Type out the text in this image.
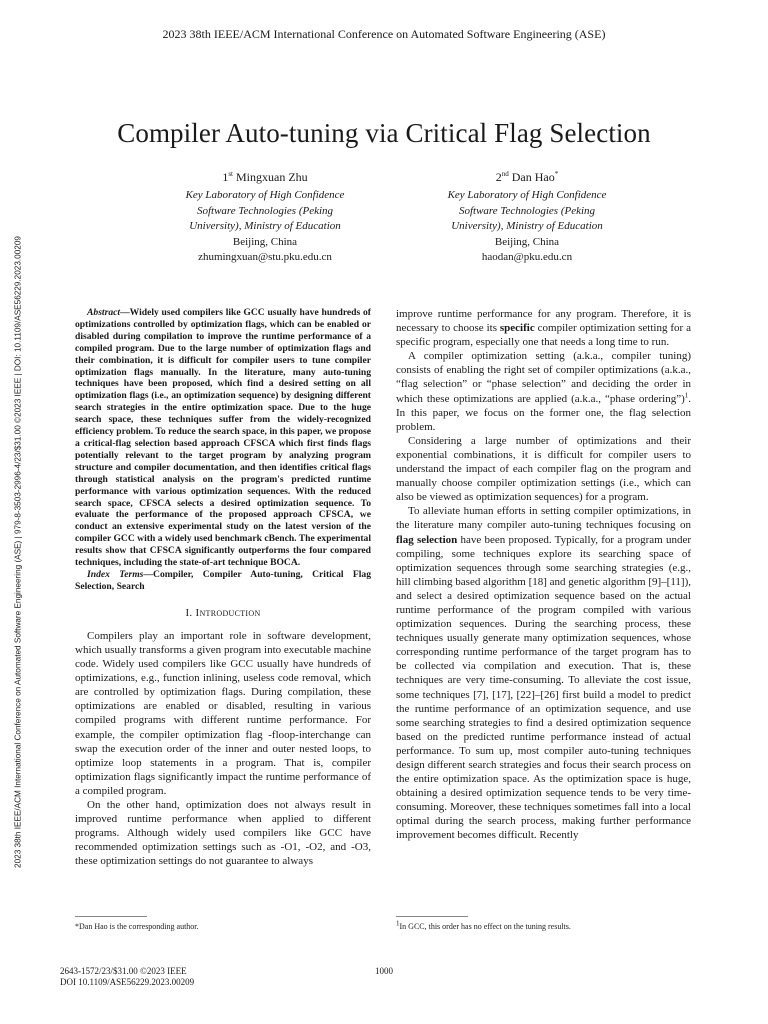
2023 38th IEEE/ACM International Conference on Automated Software Engineering (ASE)
2023 38th IEEE/ACM International Conference on Automated Software Engineering (ASE) | 979-8-3503-2996-4/23/$31.00 ©2023 IEEE | DOI: 10.1109/ASE56229.2023.00209
Compiler Auto-tuning via Critical Flag Selection
1st Mingxuan Zhu
Key Laboratory of High Confidence
Software Technologies (Peking
University), Ministry of Education
Beijing, China
zhumingxuan@stu.pku.edu.cn
2nd Dan Hao*
Key Laboratory of High Confidence
Software Technologies (Peking
University), Ministry of Education
Beijing, China
haodan@pku.edu.cn

Abstract—Widely used compilers like GCC usually have hundreds of optimizations controlled by optimization flags, which can be enabled or disabled during compilation to improve the runtime performance of a compiled program. Due to the large number of optimization flags and their combination, it is difficult for compiler users to tune compiler optimization flags manually. In the literature, many auto-tuning techniques have been proposed, which find a desired setting on all optimization flags (i.e., an optimization sequence) by designing different search strategies in the entire optimization space. Due to the huge search space, these techniques suffer from the widely-recognized efficiency problem. To reduce the search space, in this paper, we propose a critical-flag selection based approach CFSCA which first finds flags potentially relevant to the target program by analyzing program structure and compiler documentation, and then identifies critical flags through statistical analysis on the program's predicted runtime performance with various optimization sequences. With the reduced search space, CFSCA selects a desired optimization sequence. To evaluate the performance of the proposed approach CFSCA, we conduct an extensive experimental study on the latest version of the compiler GCC with a widely used benchmark cBench. The experimental results show that CFSCA significantly outperforms the four compared techniques, including the state-of-art technique BOCA.

Index Terms—Compiler, Compiler Auto-tuning, Critical Flag Selection, Search

I. Introduction

Compilers play an important role in software development, which usually transforms a given program into executable machine code. Widely used compilers like GCC usually have hundreds of optimizations, e.g., function inlining, useless code removal, which are controlled by optimization flags. During compilation, these optimizations are enabled or disabled, resulting in various compiled programs with different runtime performance. For example, the compiler optimization flag -floop-interchange can swap the execution order of the inner and outer nested loops, to optimize loop statements in a program. That is, compiler optimization flags significantly impact the runtime performance of a compiled program.

On the other hand, optimization does not always result in improved runtime performance when applied to different programs. Although widely used compilers like GCC have recommended optimization settings such as -O1, -O2, and -O3, these optimization settings do not guarantee to always

improve runtime performance for any program. Therefore, it is necessary to choose its specific compiler optimization setting for a specific program, especially one that needs a long time to run.

A compiler optimization setting (a.k.a., compiler tuning) consists of enabling the right set of compiler optimizations (a.k.a., “flag selection” or “phase selection” and deciding the order in which these optimizations are applied (a.k.a., “phase ordering”)$^1$. In this paper, we focus on the former one, the flag selection problem.

Considering a large number of optimizations and their exponential combinations, it is difficult for compiler users to understand the impact of each compiler flag on the program and manually choose compiler optimization settings (i.e., which can also be viewed as optimization sequences) for a program.

To alleviate human efforts in setting compiler optimizations, in the literature many compiler auto-tuning techniques focusing on flag selection have been proposed. Typically, for a program under compiling, some techniques explore its searching space of optimization sequences through some searching strategies (e.g., hill climbing based algorithm [18] and genetic algorithm [9]–[11]), and select a desired optimization sequence based on the actual runtime performance of the program compiled with various optimization sequences. During the searching process, these techniques usually generate many optimization sequences, whose corresponding runtime performance of the target program has to be collected via compilation and execution. That is, these techniques are very time-consuming. To alleviate the cost issue, some techniques [7], [17], [22]–[26] first build a model to predict the runtime performance of an optimization sequence, and use some searching strategies to find a desired optimization sequence based on the predicted runtime performance instead of actual performance. To sum up, most compiler auto-tuning techniques design different search strategies and focus their search process on the entire optimization space. As the optimization space is huge, obtaining a desired optimization sequence tends to be very time-consuming. Moreover, these techniques sometimes fall into a local optimal during the search process, making further performance improvement becomes difficult. Recently

*Dan Hao is the corresponding author.	$^1$In GCC, this order has no effect on the tuning results.
2643-1572/23/$31.00 ©2023 IEEE
DOI 10.1109/ASE56229.2023.00209
1000
